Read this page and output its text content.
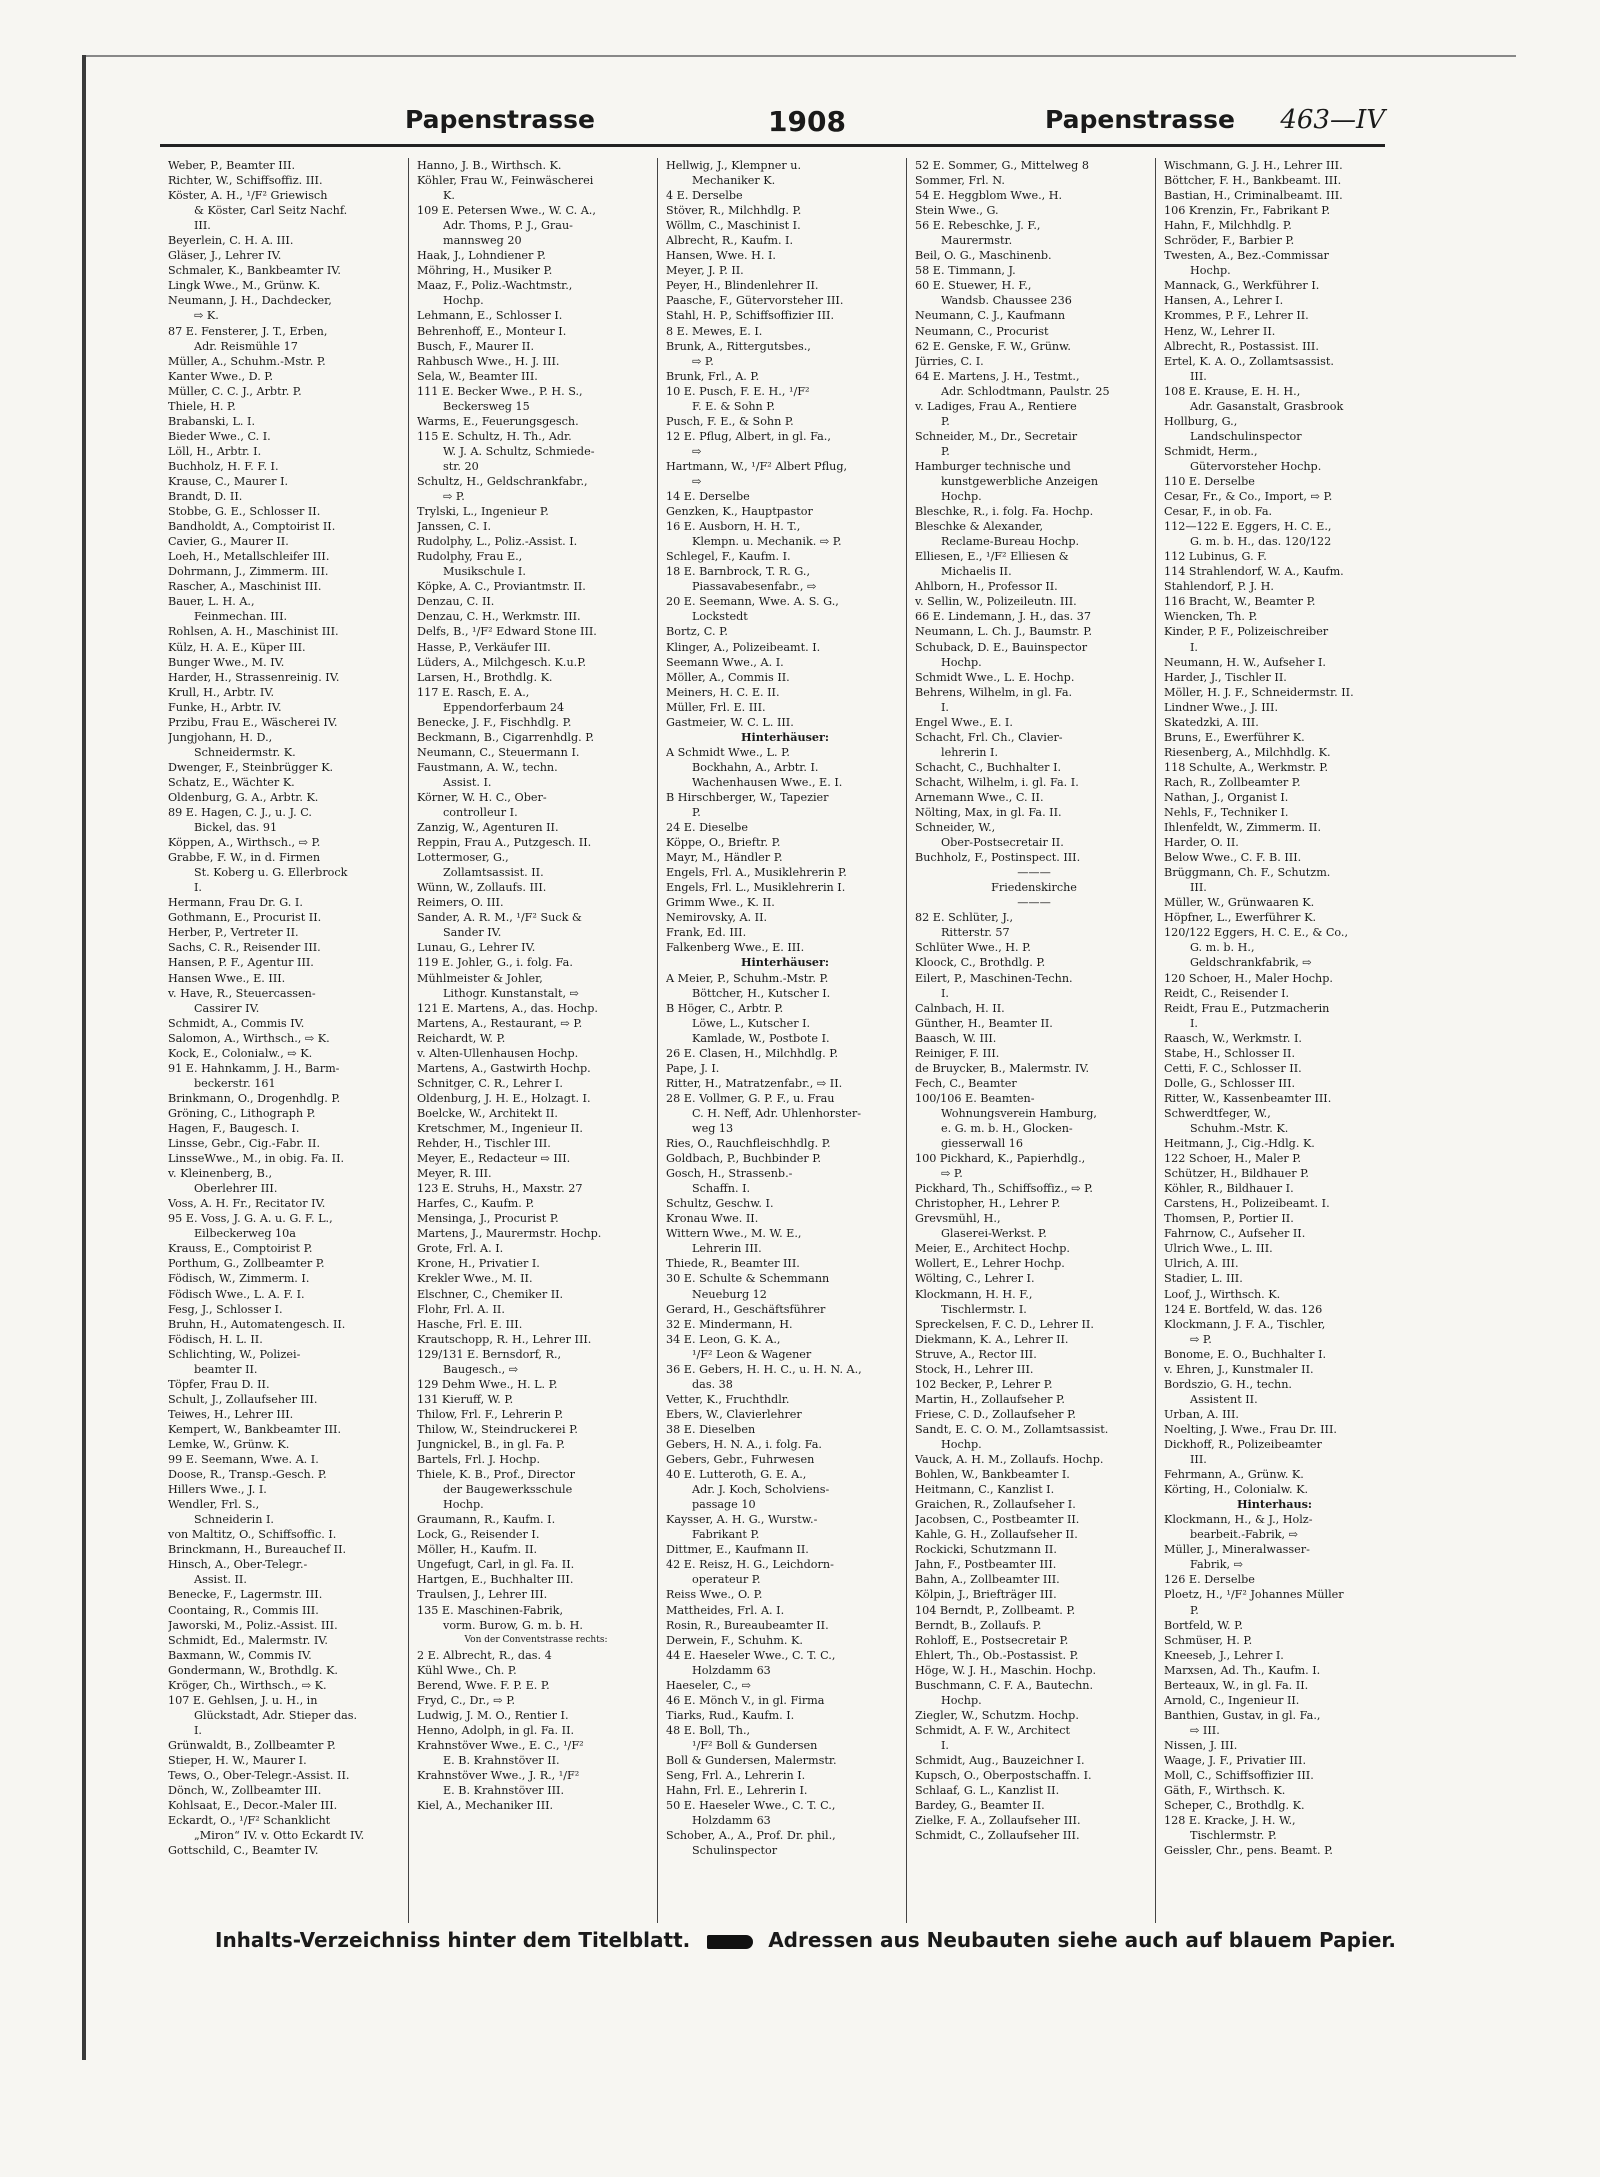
Papenstrasse	1908	Papenstrasse 463—IV
Weber, P., Beamter III.
Richter, W., Schiffsoffiz. III.
Köster, A. H., ¹/F² Griewisch
& Köster, Carl Seitz Nachf.
III.
Beyerlein, C. H. A. III.
Gläser, J., Lehrer IV.
Schmaler, K., Bankbeamter IV.
Lingk Wwe., M., Grünw. K.
Neumann, J. H., Dachdecker,
⇨ K.
87 E. Fensterer, J. T., Erben,
Adr. Reismühle 17
Müller, A., Schuhm.-Mstr. P.
Kanter Wwe., D. P.
Müller, C. C. J., Arbtr. P.
Thiele, H. P.
Brabanski, L. I.
Bieder Wwe., C. I.
Löll, H., Arbtr. I.
Buchholz, H. F. F. I.
Krause, C., Maurer I.
Brandt, D. II.
Stobbe, G. E., Schlosser II.
Bandholdt, A., Comptoirist II.
Cavier, G., Maurer II.
Loeh, H., Metallschleifer III.
Dohrmann, J., Zimmerm. III.
Rascher, A., Maschinist III.
Bauer, L. H. A.,
Feinmechan. III.
Rohlsen, A. H., Maschinist III.
Külz, H. A. E., Küper III.
Bunger Wwe., M. IV.
Harder, H., Strassenreinig. IV.
Krull, H., Arbtr. IV.
Funke, H., Arbtr. IV.
Przibu, Frau E., Wäscherei IV.
Jungjohann, H. D.,
Schneidermstr. K.
Dwenger, F., Steinbrügger K.
Schatz, E., Wächter K.
Oldenburg, G. A., Arbtr. K.
89 E. Hagen, C. J., u. J. C.
Bickel, das. 91
Köppen, A., Wirthsch., ⇨ P.
Grabbe, F. W., in d. Firmen
St. Koberg u. G. Ellerbrock
I.
Hermann, Frau Dr. G. I.
Gothmann, E., Procurist II.
Herber, P., Vertreter II.
Sachs, C. R., Reisender III.
Hansen, P. F., Agentur III.
Hansen Wwe., E. III.
v. Have, R., Steuercassen-
Cassirer IV.
Schmidt, A., Commis IV.
Salomon, A., Wirthsch., ⇨ K.
Kock, E., Colonialw., ⇨ K.
91 E. Hahnkamm, J. H., Barm-
beckerstr. 161
Brinkmann, O., Drogenhdlg. P.
Gröning, C., Lithograph P.
Hagen, F., Baugesch. I.
Linsse, Gebr., Cig.-Fabr. II.
LinsseWwe., M., in obig. Fa. II.
v. Kleinenberg, B.,
Oberlehrer III.
Voss, A. H. Fr., Recitator IV.
95 E. Voss, J. G. A. u. G. F. L.,
Eilbeckerweg 10a
Krauss, E., Comptoirist P.
Porthum, G., Zollbeamter P.
Födisch, W., Zimmerm. I.
Födisch Wwe., L. A. F. I.
Fesg, J., Schlosser I.
Bruhn, H., Automatengesch. II.
Födisch, H. L. II.
Schlichting, W., Polizei-
beamter II.
Töpfer, Frau D. II.
Schult, J., Zollaufseher III.
Teiwes, H., Lehrer III.
Kempert, W., Bankbeamter III.
Lemke, W., Grünw. K.
99 E. Seemann, Wwe. A. I.
Doose, R., Transp.-Gesch. P.
Hillers Wwe., J. I.
Wendler, Frl. S.,
Schneiderin I.
von Maltitz, O., Schiffsoffic. I.
Brinckmann, H., Bureauchef II.
Hinsch, A., Ober-Telegr.-
Assist. II.
Benecke, F., Lagermstr. III.
Coontaing, R., Commis III.
Jaworski, M., Poliz.-Assist. III.
Schmidt, Ed., Malermstr. IV.
Baxmann, W., Commis IV.
Gondermann, W., Brothdlg. K.
Kröger, Ch., Wirthsch., ⇨ K.
107 E. Gehlsen, J. u. H., in
Glückstadt, Adr. Stieper das.
I.
Grünwaldt, B., Zollbeamter P.
Stieper, H. W., Maurer I.
Tews, O., Ober-Telegr.-Assist. II.
Dönch, W., Zollbeamter III.
Kohlsaat, E., Decor.-Maler III.
Eckardt, O., ¹/F² Schanklicht
„Miron“ IV. v. Otto Eckardt IV.
Gottschild, C., Beamter IV.
Hanno, J. B., Wirthsch. K.
Köhler, Frau W., Feinwäscherei
K.
109 E. Petersen Wwe., W. C. A.,
Adr. Thoms, P. J., Grau-
mannsweg 20
Haak, J., Lohndiener P.
Möhring, H., Musiker P.
Maaz, F., Poliz.-Wachtmstr.,
Hochp.
Lehmann, E., Schlosser I.
Behrenhoff, E., Monteur I.
Busch, F., Maurer II.
Rahbusch Wwe., H. J. III.
Sela, W., Beamter III.
111 E. Becker Wwe., P. H. S.,
Beckersweg 15
Warms, E., Feuerungsgesch.
115 E. Schultz, H. Th., Adr.
W. J. A. Schultz, Schmiede-
str. 20
Schultz, H., Geldschrankfabr.,
⇨ P.
Trylski, L., Ingenieur P.
Janssen, C. I.
Rudolphy, L., Poliz.-Assist. I.
Rudolphy, Frau E.,
Musikschule I.
Köpke, A. C., Proviantmstr. II.
Denzau, C. II.
Denzau, C. H., Werkmstr. III.
Delfs, B., ¹/F² Edward Stone III.
Hasse, P., Verkäufer III.
Lüders, A., Milchgesch. K.u.P.
Larsen, H., Brothdlg. K.
117 E. Rasch, E. A.,
Eppendorferbaum 24
Benecke, J. F., Fischhdlg. P.
Beckmann, B., Cigarrenhdlg. P.
Neumann, C., Steuermann I.
Faustmann, A. W., techn.
Assist. I.
Körner, W. H. C., Ober-
controlleur I.
Zanzig, W., Agenturen II.
Reppin, Frau A., Putzgesch. II.
Lottermoser, G.,
Zollamtsassist. II.
Wünn, W., Zollaufs. III.
Reimers, O. III.
Sander, A. R. M., ¹/F² Suck &
Sander IV.
Lunau, G., Lehrer IV.
119 E. Johler, G., i. folg. Fa.
Mühlmeister & Johler,
Lithogr. Kunstanstalt, ⇨
121 E. Martens, A., das. Hochp.
Martens, A., Restaurant, ⇨ P.
Reichardt, W. P.
v. Alten-Ullenhausen Hochp.
Martens, A., Gastwirth Hochp.
Schnitger, C. R., Lehrer I.
Oldenburg, J. H. E., Holzagt. I.
Boelcke, W., Architekt II.
Kretschmer, M., Ingenieur II.
Rehder, H., Tischler III.
Meyer, E., Redacteur ⇨ III.
Meyer, R. III.
123 E. Struhs, H., Maxstr. 27
Harfes, C., Kaufm. P.
Mensinga, J., Procurist P.
Martens, J., Maurermstr. Hochp.
Grote, Frl. A. I.
Krone, H., Privatier I.
Krekler Wwe., M. II.
Elschner, C., Chemiker II.
Flohr, Frl. A. II.
Hasche, Frl. E. III.
Krautschopp, R. H., Lehrer III.
129/131 E. Bernsdorf, R.,
Baugesch., ⇨
129 Dehm Wwe., H. L. P.
131 Kieruff, W. P.
Thilow, Frl. F., Lehrerin P.
Thilow, W., Steindruckerei P.
Jungnickel, B., in gl. Fa. P.
Bartels, Frl. J. Hochp.
Thiele, K. B., Prof., Director
der Baugewerksschule
Hochp.
Graumann, R., Kaufm. I.
Lock, G., Reisender I.
Möller, H., Kaufm. II.
Ungefugt, Carl, in gl. Fa. II.
Hartgen, E., Buchhalter III.
Traulsen, J., Lehrer III.
135 E. Maschinen-Fabrik,
vorm. Burow, G. m. b. H.
Von der Conventstrasse rechts:
2 E. Albrecht, R., das. 4
Kühl Wwe., Ch. P.
Berend, Wwe. F. P. E. P.
Fryd, C., Dr., ⇨ P.
Ludwig, J. M. O., Rentier I.
Henno, Adolph, in gl. Fa. II.
Krahnstöver Wwe., E. C., ¹/F²
E. B. Krahnstöver II.
Krahnstöver Wwe., J. R., ¹/F²
E. B. Krahnstöver III.
Kiel, A., Mechaniker III.
Hellwig, J., Klempner u.
Mechaniker K.
4 E. Derselbe
Stöver, R., Milchhdlg. P.
Wöllm, C., Maschinist I.
Albrecht, R., Kaufm. I.
Hansen, Wwe. H. I.
Meyer, J. P. II.
Peyer, H., Blindenlehrer II.
Paasche, F., Gütervorsteher III.
Stahl, H. P., Schiffsoffizier III.
8 E. Mewes, E. I.
Brunk, A., Rittergutsbes.,
⇨ P.
Brunk, Frl., A. P.
10 E. Pusch, F. E. H., ¹/F²
F. E. & Sohn P.
Pusch, F. E., & Sohn P.
12 E. Pflug, Albert, in gl. Fa.,
⇨
Hartmann, W., ¹/F² Albert Pflug,
⇨
14 E. Derselbe
Genzken, K., Hauptpastor
16 E. Ausborn, H. H. T.,
Klempn. u. Mechanik. ⇨ P.
Schlegel, F., Kaufm. I.
18 E. Barnbrock, T. R. G.,
Piassavabesenfabr., ⇨
20 E. Seemann, Wwe. A. S. G.,
Lockstedt
Bortz, C. P.
Klinger, A., Polizeibeamt. I.
Seemann Wwe., A. I.
Möller, A., Commis II.
Meiners, H. C. E. II.
Müller, Frl. E. III.
Gastmeier, W. C. L. III.
Hinterhäuser:
A Schmidt Wwe., L. P.
Bockhahn, A., Arbtr. I.
Wachenhausen Wwe., E. I.
B Hirschberger, W., Tapezier
P.
24 E. Dieselbe
Köppe, O., Brieftr. P.
Mayr, M., Händler P.
Engels, Frl. A., Musiklehrerin P.
Engels, Frl. L., Musiklehrerin I.
Grimm Wwe., K. II.
Nemirovsky, A. II.
Frank, Ed. III.
Falkenberg Wwe., E. III.
Hinterhäuser:
A Meier, P., Schuhm.-Mstr. P.
Böttcher, H., Kutscher I.
B Höger, C., Arbtr. P.
Löwe, L., Kutscher I.
Kamlade, W., Postbote I.
26 E. Clasen, H., Milchhdlg. P.
Pape, J. I.
Ritter, H., Matratzenfabr., ⇨ II.
28 E. Vollmer, G. P. F., u. Frau
C. H. Neff, Adr. Uhlenhorster-
weg 13
Ries, O., Rauchfleischhdlg. P.
Goldbach, P., Buchbinder P.
Gosch, H., Strassenb.-
Schaffn. I.
Schultz, Geschw. I.
Kronau Wwe. II.
Wittern Wwe., M. W. E.,
Lehrerin III.
Thiede, R., Beamter III.
30 E. Schulte & Schemmann
Neueburg 12
Gerard, H., Geschäftsführer
32 E. Mindermann, H.
34 E. Leon, G. K. A.,
¹/F² Leon & Wagener
36 E. Gebers, H. H. C., u. H. N. A.,
das. 38
Vetter, K., Fruchthdlr.
Ebers, W., Clavierlehrer
38 E. Dieselben
Gebers, H. N. A., i. folg. Fa.
Gebers, Gebr., Fuhrwesen
40 E. Lutteroth, G. E. A.,
Adr. J. Koch, Scholviens-
passage 10
Kaysser, A. H. G., Wurstw.-
Fabrikant P.
Dittmer, E., Kaufmann II.
42 E. Reisz, H. G., Leichdorn-
operateur P.
Reiss Wwe., O. P.
Mattheides, Frl. A. I.
Rosin, R., Bureaubeamter II.
Derwein, F., Schuhm. K.
44 E. Haeseler Wwe., C. T. C.,
Holzdamm 63
Haeseler, C., ⇨
46 E. Mönch V., in gl. Firma
Tiarks, Rud., Kaufm. I.
48 E. Boll, Th.,
¹/F² Boll & Gundersen
Boll & Gundersen, Malermstr.
Seng, Frl. A., Lehrerin I.
Hahn, Frl. E., Lehrerin I.
50 E. Haeseler Wwe., C. T. C.,
Holzdamm 63
Schober, A., A., Prof. Dr. phil.,
Schulinspector
52 E. Sommer, G., Mittelweg 8
Sommer, Frl. N.
54 E. Heggblom Wwe., H.
Stein Wwe., G.
56 E. Rebeschke, J. F.,
Maurermstr.
Beil, O. G., Maschinenb.
58 E. Timmann, J.
60 E. Stuewer, H. F.,
Wandsb. Chaussee 236
Neumann, C. J., Kaufmann
Neumann, C., Procurist
62 E. Genske, F. W., Grünw.
Jürries, C. I.
64 E. Martens, J. H., Testmt.,
Adr. Schlodtmann, Paulstr. 25
v. Ladiges, Frau A., Rentiere
P.
Schneider, M., Dr., Secretair
P.
Hamburger technische und
kunstgewerbliche Anzeigen
Hochp.
Bleschke, R., i. folg. Fa. Hochp.
Bleschke & Alexander,
Reclame-Bureau Hochp.
Elliesen, E., ¹/F² Elliesen &
Michaelis II.
Ahlborn, H., Professor II.
v. Sellin, W., Polizeileutn. III.
66 E. Lindemann, J. H., das. 37
Neumann, L. Ch. J., Baumstr. P.
Schuback, D. E., Bauinspector
Hochp.
Schmidt Wwe., L. E. Hochp.
Behrens, Wilhelm, in gl. Fa.
I.
Engel Wwe., E. I.
Schacht, Frl. Ch., Clavier-
lehrerin I.
Schacht, C., Buchhalter I.
Schacht, Wilhelm, i. gl. Fa. I.
Arnemann Wwe., C. II.
Nölting, Max, in gl. Fa. II.
Schneider, W.,
Ober-Postsecretair II.
Buchholz, F., Postinspect. III.
———
Friedenskirche
———
82 E. Schlüter, J.,
Ritterstr. 57
Schlüter Wwe., H. P.
Kloock, C., Brothdlg. P.
Eilert, P., Maschinen-Techn.
I.
Calnbach, H. II.
Günther, H., Beamter II.
Baasch, W. III.
Reiniger, F. III.
de Bruycker, B., Malermstr. IV.
Fech, C., Beamter
100/106 E. Beamten-
Wohnungsverein Hamburg,
e. G. m. b. H., Glocken-
giesserwall 16
100 Pickhard, K., Papierhdlg.,
⇨ P.
Pickhard, Th., Schiffsoffiz., ⇨ P.
Christopher, H., Lehrer P.
Grevsmühl, H.,
Glaserei-Werkst. P.
Meier, E., Architect Hochp.
Wollert, E., Lehrer Hochp.
Wölting, C., Lehrer I.
Klockmann, H. H. F.,
Tischlermstr. I.
Spreckelsen, F. C. D., Lehrer II.
Diekmann, K. A., Lehrer II.
Struve, A., Rector III.
Stock, H., Lehrer III.
102 Becker, P., Lehrer P.
Martin, H., Zollaufseher P.
Friese, C. D., Zollaufseher P.
Sandt, E. C. O. M., Zollamtsassist.
Hochp.
Vauck, A. H. M., Zollaufs. Hochp.
Bohlen, W., Bankbeamter I.
Heitmann, C., Kanzlist I.
Graichen, R., Zollaufseher I.
Jacobsen, C., Postbeamter II.
Kahle, G. H., Zollaufseher II.
Rockicki, Schutzmann II.
Jahn, F., Postbeamter III.
Bahn, A., Zollbeamter III.
Kölpin, J., Briefträger III.
104 Berndt, P., Zollbeamt. P.
Berndt, B., Zollaufs. P.
Rohloff, E., Postsecretair P.
Ehlert, Th., Ob.-Postassist. P.
Höge, W. J. H., Maschin. Hochp.
Buschmann, C. F. A., Bautechn.
Hochp.
Ziegler, W., Schutzm. Hochp.
Schmidt, A. F. W., Architect
I.
Schmidt, Aug., Bauzeichner I.
Kupsch, O., Oberpostschaffn. I.
Schlaaf, G. L., Kanzlist II.
Bardey, G., Beamter II.
Zielke, F. A., Zollaufseher III.
Schmidt, C., Zollaufseher III.
Wischmann, G. J. H., Lehrer III.
Böttcher, F. H., Bankbeamt. III.
Bastian, H., Criminalbeamt. III.
106 Krenzin, Fr., Fabrikant P.
Hahn, F., Milchhdlg. P.
Schröder, F., Barbier P.
Twesten, A., Bez.-Commissar
Hochp.
Mannack, G., Werkführer I.
Hansen, A., Lehrer I.
Krommes, P. F., Lehrer II.
Henz, W., Lehrer II.
Albrecht, R., Postassist. III.
Ertel, K. A. O., Zollamtsassist.
III.
108 E. Krause, E. H. H.,
Adr. Gasanstalt, Grasbrook
Hollburg, G.,
Landschulinspector
Schmidt, Herm.,
Gütervorsteher Hochp.
110 E. Derselbe
Cesar, Fr., & Co., Import, ⇨ P.
Cesar, F., in ob. Fa.
112—122 E. Eggers, H. C. E.,
G. m. b. H., das. 120/122
112 Lubinus, G. F.
114 Strahlendorf, W. A., Kaufm.
Stahlendorf, P. J. H.
116 Bracht, W., Beamter P.
Wiencken, Th. P.
Kinder, P. F., Polizeischreiber
I.
Neumann, H. W., Aufseher I.
Harder, J., Tischler II.
Möller, H. J. F., Schneidermstr. II.
Lindner Wwe., J. III.
Skatedzki, A. III.
Bruns, E., Ewerführer K.
Riesenberg, A., Milchhdlg. K.
118 Schulte, A., Werkmstr. P.
Rach, R., Zollbeamter P.
Nathan, J., Organist I.
Nehls, F., Techniker I.
Ihlenfeldt, W., Zimmerm. II.
Harder, O. II.
Below Wwe., C. F. B. III.
Brüggmann, Ch. F., Schutzm.
III.
Müller, W., Grünwaaren K.
Höpfner, L., Ewerführer K.
120/122 Eggers, H. C. E., & Co.,
G. m. b. H.,
Geldschrankfabrik, ⇨
120 Schoer, H., Maler Hochp.
Reidt, C., Reisender I.
Reidt, Frau E., Putzmacherin
I.
Raasch, W., Werkmstr. I.
Stabe, H., Schlosser II.
Cetti, F. C., Schlosser II.
Dolle, G., Schlosser III.
Ritter, W., Kassenbeamter III.
Schwerdtfeger, W.,
Schuhm.-Mstr. K.
Heitmann, J., Cig.-Hdlg. K.
122 Schoer, H., Maler P.
Schützer, H., Bildhauer P.
Köhler, R., Bildhauer I.
Carstens, H., Polizeibeamt. I.
Thomsen, P., Portier II.
Fahrnow, C., Aufseher II.
Ulrich Wwe., L. III.
Ulrich, A. III.
Stadier, L. III.
Loof, J., Wirthsch. K.
124 E. Bortfeld, W. das. 126
Klockmann, J. F. A., Tischler,
⇨ P.
Bonome, E. O., Buchhalter I.
v. Ehren, J., Kunstmaler II.
Bordszio, G. H., techn.
Assistent II.
Urban, A. III.
Noelting, J. Wwe., Frau Dr. III.
Dickhoff, R., Polizeibeamter
III.
Fehrmann, A., Grünw. K.
Körting, H., Colonialw. K.
Hinterhaus:
Klockmann, H., & J., Holz-
bearbeit.-Fabrik, ⇨
Müller, J., Mineralwasser-
Fabrik, ⇨
126 E. Derselbe
Ploetz, H., ¹/F² Johannes Müller
P.
Bortfeld, W. P.
Schmüser, H. P.
Kneeseb, J., Lehrer I.
Marxsen, Ad. Th., Kaufm. I.
Berteaux, W., in gl. Fa. II.
Arnold, C., Ingenieur II.
Banthien, Gustav, in gl. Fa.,
⇨ III.
Nissen, J. III.
Waage, J. F., Privatier III.
Moll, C., Schiffsoffizier III.
Gäth, F., Wirthsch. K.
Scheper, C., Brothdlg. K.
128 E. Kracke, J. H. W.,
Tischlermstr. P.
Geissler, Chr., pens. Beamt. P.
Inhalts-Verzeichniss hinter dem Titelblatt.	Adressen aus Neubauten siehe auch auf blauem Papier.
